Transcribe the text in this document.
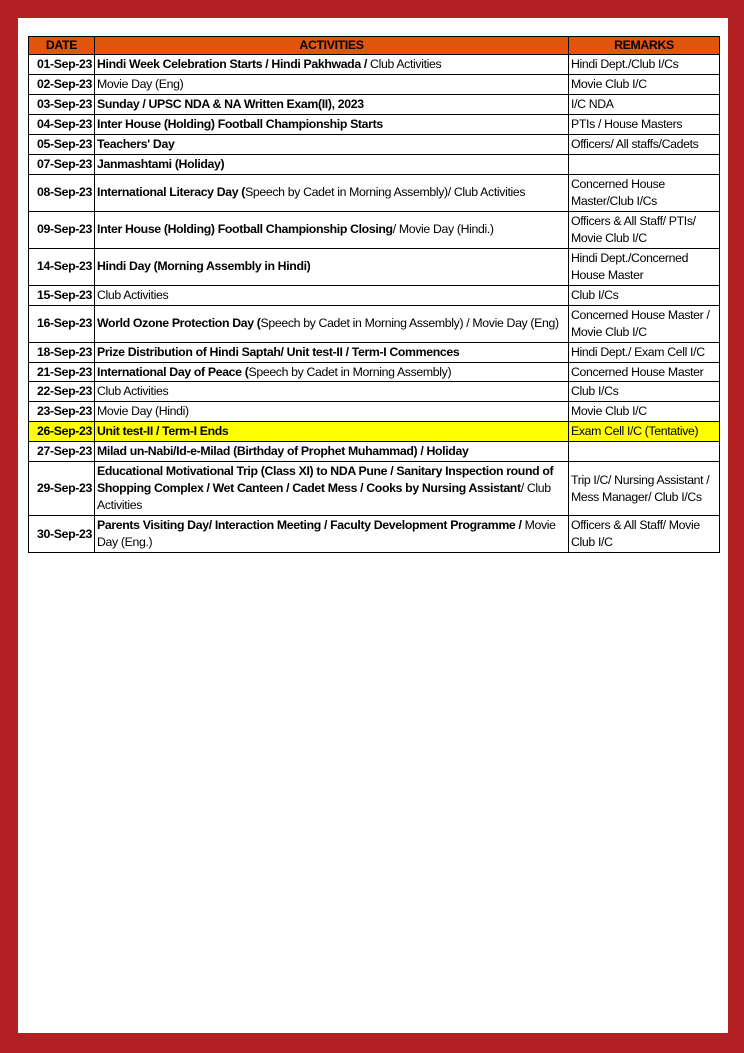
DATE	ACTIVITIES	REMARKS
01-Sep-23	Hindi Week Celebration Starts / Hindi Pakhwada / Club Activities	Hindi Dept./Club I/Cs
02-Sep-23	Movie Day (Eng)	Movie Club I/C
03-Sep-23	Sunday / UPSC NDA & NA Written Exam(II), 2023	I/C NDA
04-Sep-23	Inter House (Holding) Football Championship Starts	PTIs / House Masters
05-Sep-23	Teachers' Day	Officers/ All staffs/Cadets
07-Sep-23	Janmashtami (Holiday)	
08-Sep-23	International Literacy Day (Speech by Cadet in Morning Assembly)/ Club Activities	Concerned House Master/Club I/Cs
09-Sep-23	Inter House (Holding) Football Championship Closing/ Movie Day (Hindi.)	Officers & All Staff/ PTIs/ Movie Club I/C
14-Sep-23	Hindi Day (Morning Assembly in Hindi)	Hindi Dept./Concerned House Master
15-Sep-23	Club Activities	Club I/Cs
16-Sep-23	World Ozone Protection Day (Speech by Cadet in Morning Assembly) / Movie Day (Eng)	Concerned House Master / Movie Club I/C
18-Sep-23	Prize Distribution of Hindi Saptah/ Unit test-II / Term-I Commences	Hindi Dept./ Exam Cell I/C
21-Sep-23	International Day of Peace (Speech by Cadet in Morning Assembly)	Concerned House Master
22-Sep-23	Club Activities	Club I/Cs
23-Sep-23	Movie Day (Hindi)	Movie Club I/C
26-Sep-23	Unit test-II / Term-I Ends	Exam Cell I/C (Tentative)
27-Sep-23	Milad un-Nabi/Id-e-Milad (Birthday of Prophet Muhammad) / Holiday	
29-Sep-23	Educational Motivational Trip (Class XI) to NDA Pune / Sanitary Inspection round of Shopping Complex / Wet Canteen / Cadet Mess / Cooks by Nursing Assistant/ Club Activities	Trip I/C/ Nursing Assistant / Mess Manager/ Club I/Cs
30-Sep-23	Parents Visiting Day/ Interaction Meeting / Faculty Development Programme / Movie Day (Eng.)	Officers & All Staff/ Movie Club I/C
